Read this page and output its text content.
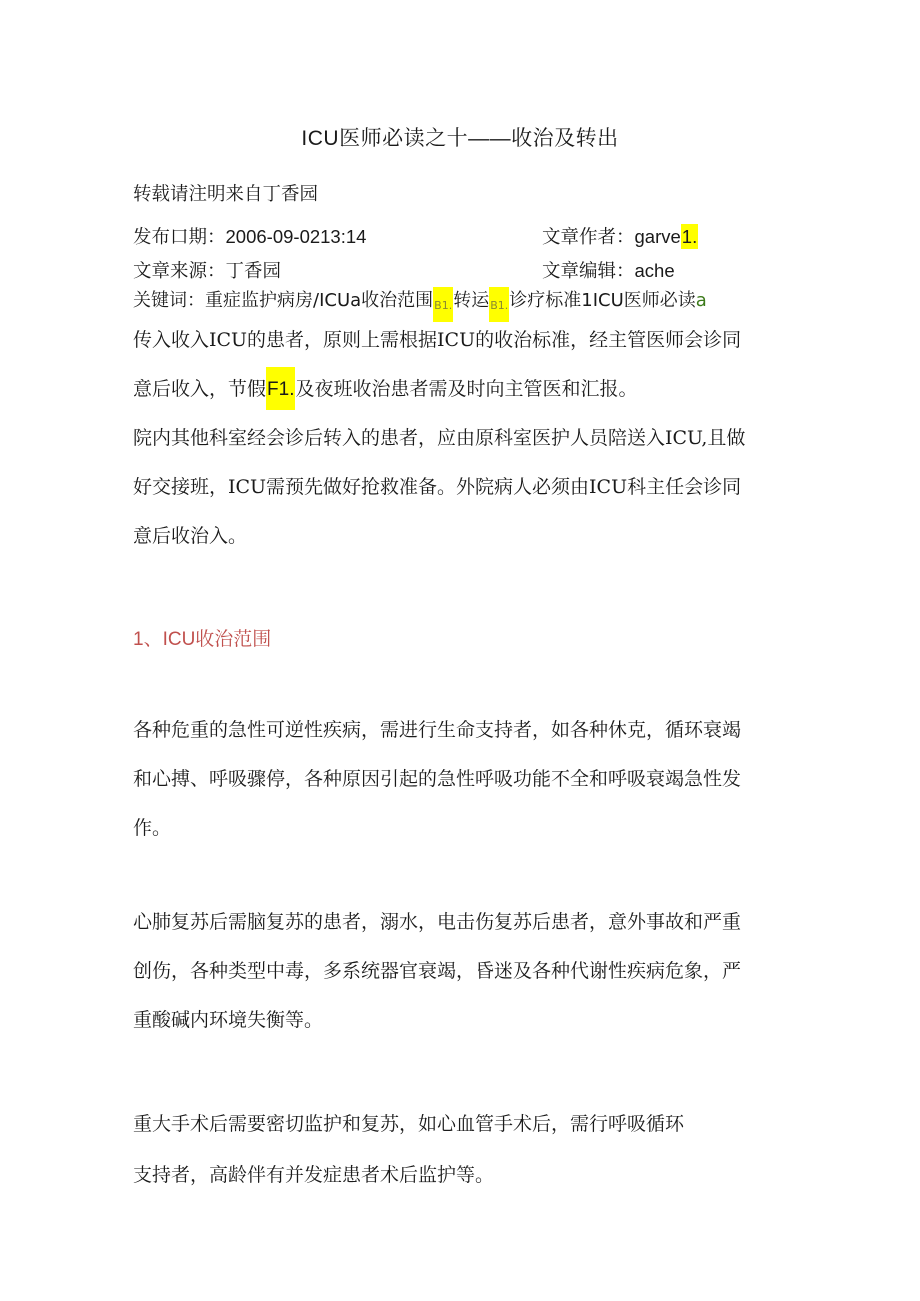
ICU医师必读之十——收治及转出
转载请注明来自丁香园
发布口期：2006-09-0213:14	文章作者：garve1.
文章来源：丁香园	文章编辑：ache
关键词：重症监护病房/ICUa收治范围B1.转运B1.诊疗标准1ICU医师必读a
传入收入ICU的患者，原则上需根据ICU的收治标准，经主管医师会诊同
意后收入，节假F1.及夜班收治患者需及时向主管医和汇报。
院内其他科室经会诊后转入的患者，应由原科室医护人员陪送入ICU,且做
好交接班，ICU需预先做好抢救准备。外院病人必须由ICU科主任会诊同
意后收治入。
1、ICU收治范围
各种危重的急性可逆性疾病，需进行生命支持者，如各种休克，循环衰竭
和心搏、呼吸骤停，各种原因引起的急性呼吸功能不全和呼吸衰竭急性发
作。
心肺复苏后需脑复苏的患者，溺水，电击伤复苏后患者，意外事故和严重
创伤，各种类型中毒，多系统器官衰竭，昏迷及各种代谢性疾病危象，严
重酸碱内环境失衡等。
重大手术后需要密切监护和复苏，如心血管手术后，需行呼吸循环
支持者，高龄伴有并发症患者术后监护等。
